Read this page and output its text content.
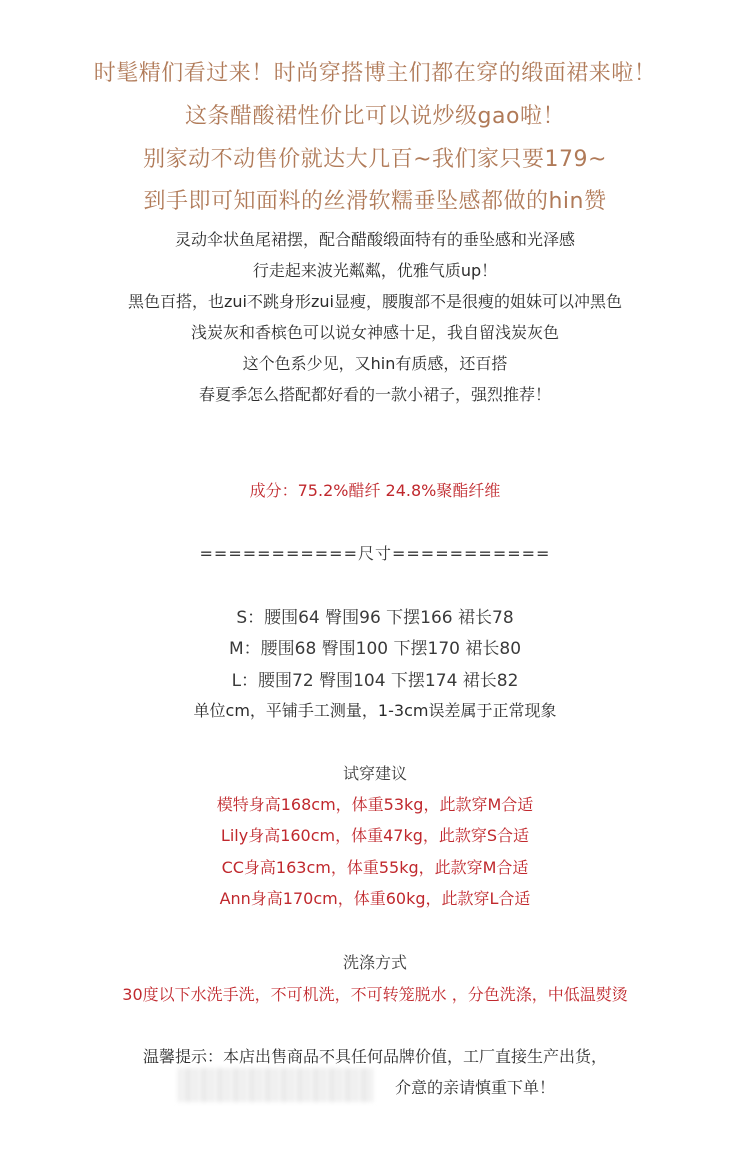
时髦精们看过来！时尚穿搭博主们都在穿的缎面裙来啦！
这条醋酸裙性价比可以说炒级gao啦！
别家动不动售价就达大几百~我们家只要179~
到手即可知面料的丝滑软糯垂坠感都做的hin赞
灵动伞状鱼尾裙摆，配合醋酸缎面特有的垂坠感和光泽感
行走起来波光粼粼，优雅气质up！
黑色百搭，也zui不跳身形zui显瘦，腰腹部不是很瘦的姐妹可以冲黑色
浅炭灰和香槟色可以说女神感十足，我自留浅炭灰色
这个色系少见，又hin有质感，还百搭
春夏季怎么搭配都好看的一款小裙子，强烈推荐！
成分：75.2%醋纤 24.8%聚酯纤维
===========尺寸===========
S：腰围64 臀围96 下摆166 裙长78
M：腰围68 臀围100 下摆170 裙长80
L：腰围72 臀围104 下摆174 裙长82
单位cm，平铺手工测量，1-3cm误差属于正常现象
试穿建议
模特身高168cm，体重53kg，此款穿M合适
Lily身高160cm，体重47kg，此款穿S合适
CC身高163cm，体重55kg，此款穿M合适
Ann身高170cm，体重60kg，此款穿L合适
洗涤方式
30度以下水洗手洗，不可机洗，不可转笼脱水 ，分色洗涤，中低温熨烫
温馨提示：本店出售商品不具任何品牌价值，工厂直接生产出货，
介意的亲请慎重下单！
